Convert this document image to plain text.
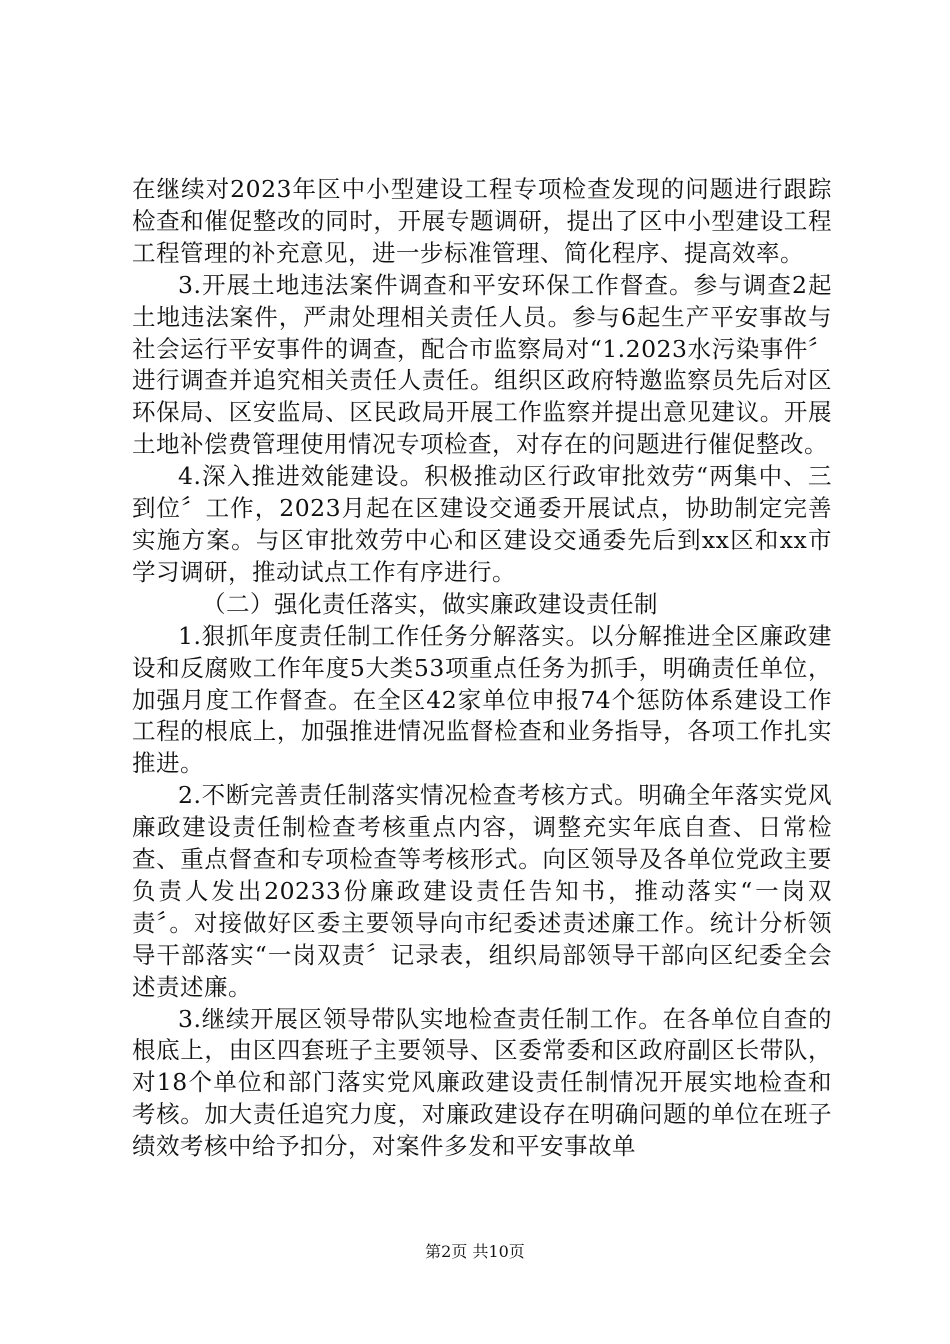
在继续对2023年区中小型建设工程专项检查发现的问题进行跟踪检查和催促整改的同时，开展专题调研，提出了区中小型建设工程工程管理的补充意见，进一步标准管理、简化程序、提高效率。

3.开展土地违法案件调查和平安环保工作督查。参与调查2起土地违法案件，严肃处理相关责任人员。参与6起生产平安事故与社会运行平安事件的调查，配合市监察局对“1.2023水污染事件〞进行调查并追究相关责任人责任。组织区政府特邀监察员先后对区环保局、区安监局、区民政局开展工作监察并提出意见建议。开展土地补偿费管理使用情况专项检查，对存在的问题进行催促整改。

4.深入推进效能建设。积极推动区行政审批效劳“两集中、三到位〞工作，2023月起在区建设交通委开展试点，协助制定完善实施方案。与区审批效劳中心和区建设交通委先后到xx区和xx市学习调研，推动试点工作有序进行。

（二）强化责任落实，做实廉政建设责任制

1.狠抓年度责任制工作任务分解落实。以分解推进全区廉政建设和反腐败工作年度5大类53项重点任务为抓手，明确责任单位，加强月度工作督查。在全区42家单位申报74个惩防体系建设工作工程的根底上，加强推进情况监督检查和业务指导，各项工作扎实推进。

2.不断完善责任制落实情况检查考核方式。明确全年落实党风廉政建设责任制检查考核重点内容，调整充实年底自查、日常检查、重点督查和专项检查等考核形式。向区领导及各单位党政主要负责人发出20233份廉政建设责任告知书，推动落实“一岗双责〞。对接做好区委主要领导向市纪委述责述廉工作。统计分析领导干部落实“一岗双责〞记录表，组织局部领导干部向区纪委全会述责述廉。

3.继续开展区领导带队实地检查责任制工作。在各单位自查的根底上，由区四套班子主要领导、区委常委和区政府副区长带队，对18个单位和部门落实党风廉政建设责任制情况开展实地检查和考核。加大责任追究力度，对廉政建设存在明确问题的单位在班子绩效考核中给予扣分，对案件多发和平安事故单

第2页 共10页
